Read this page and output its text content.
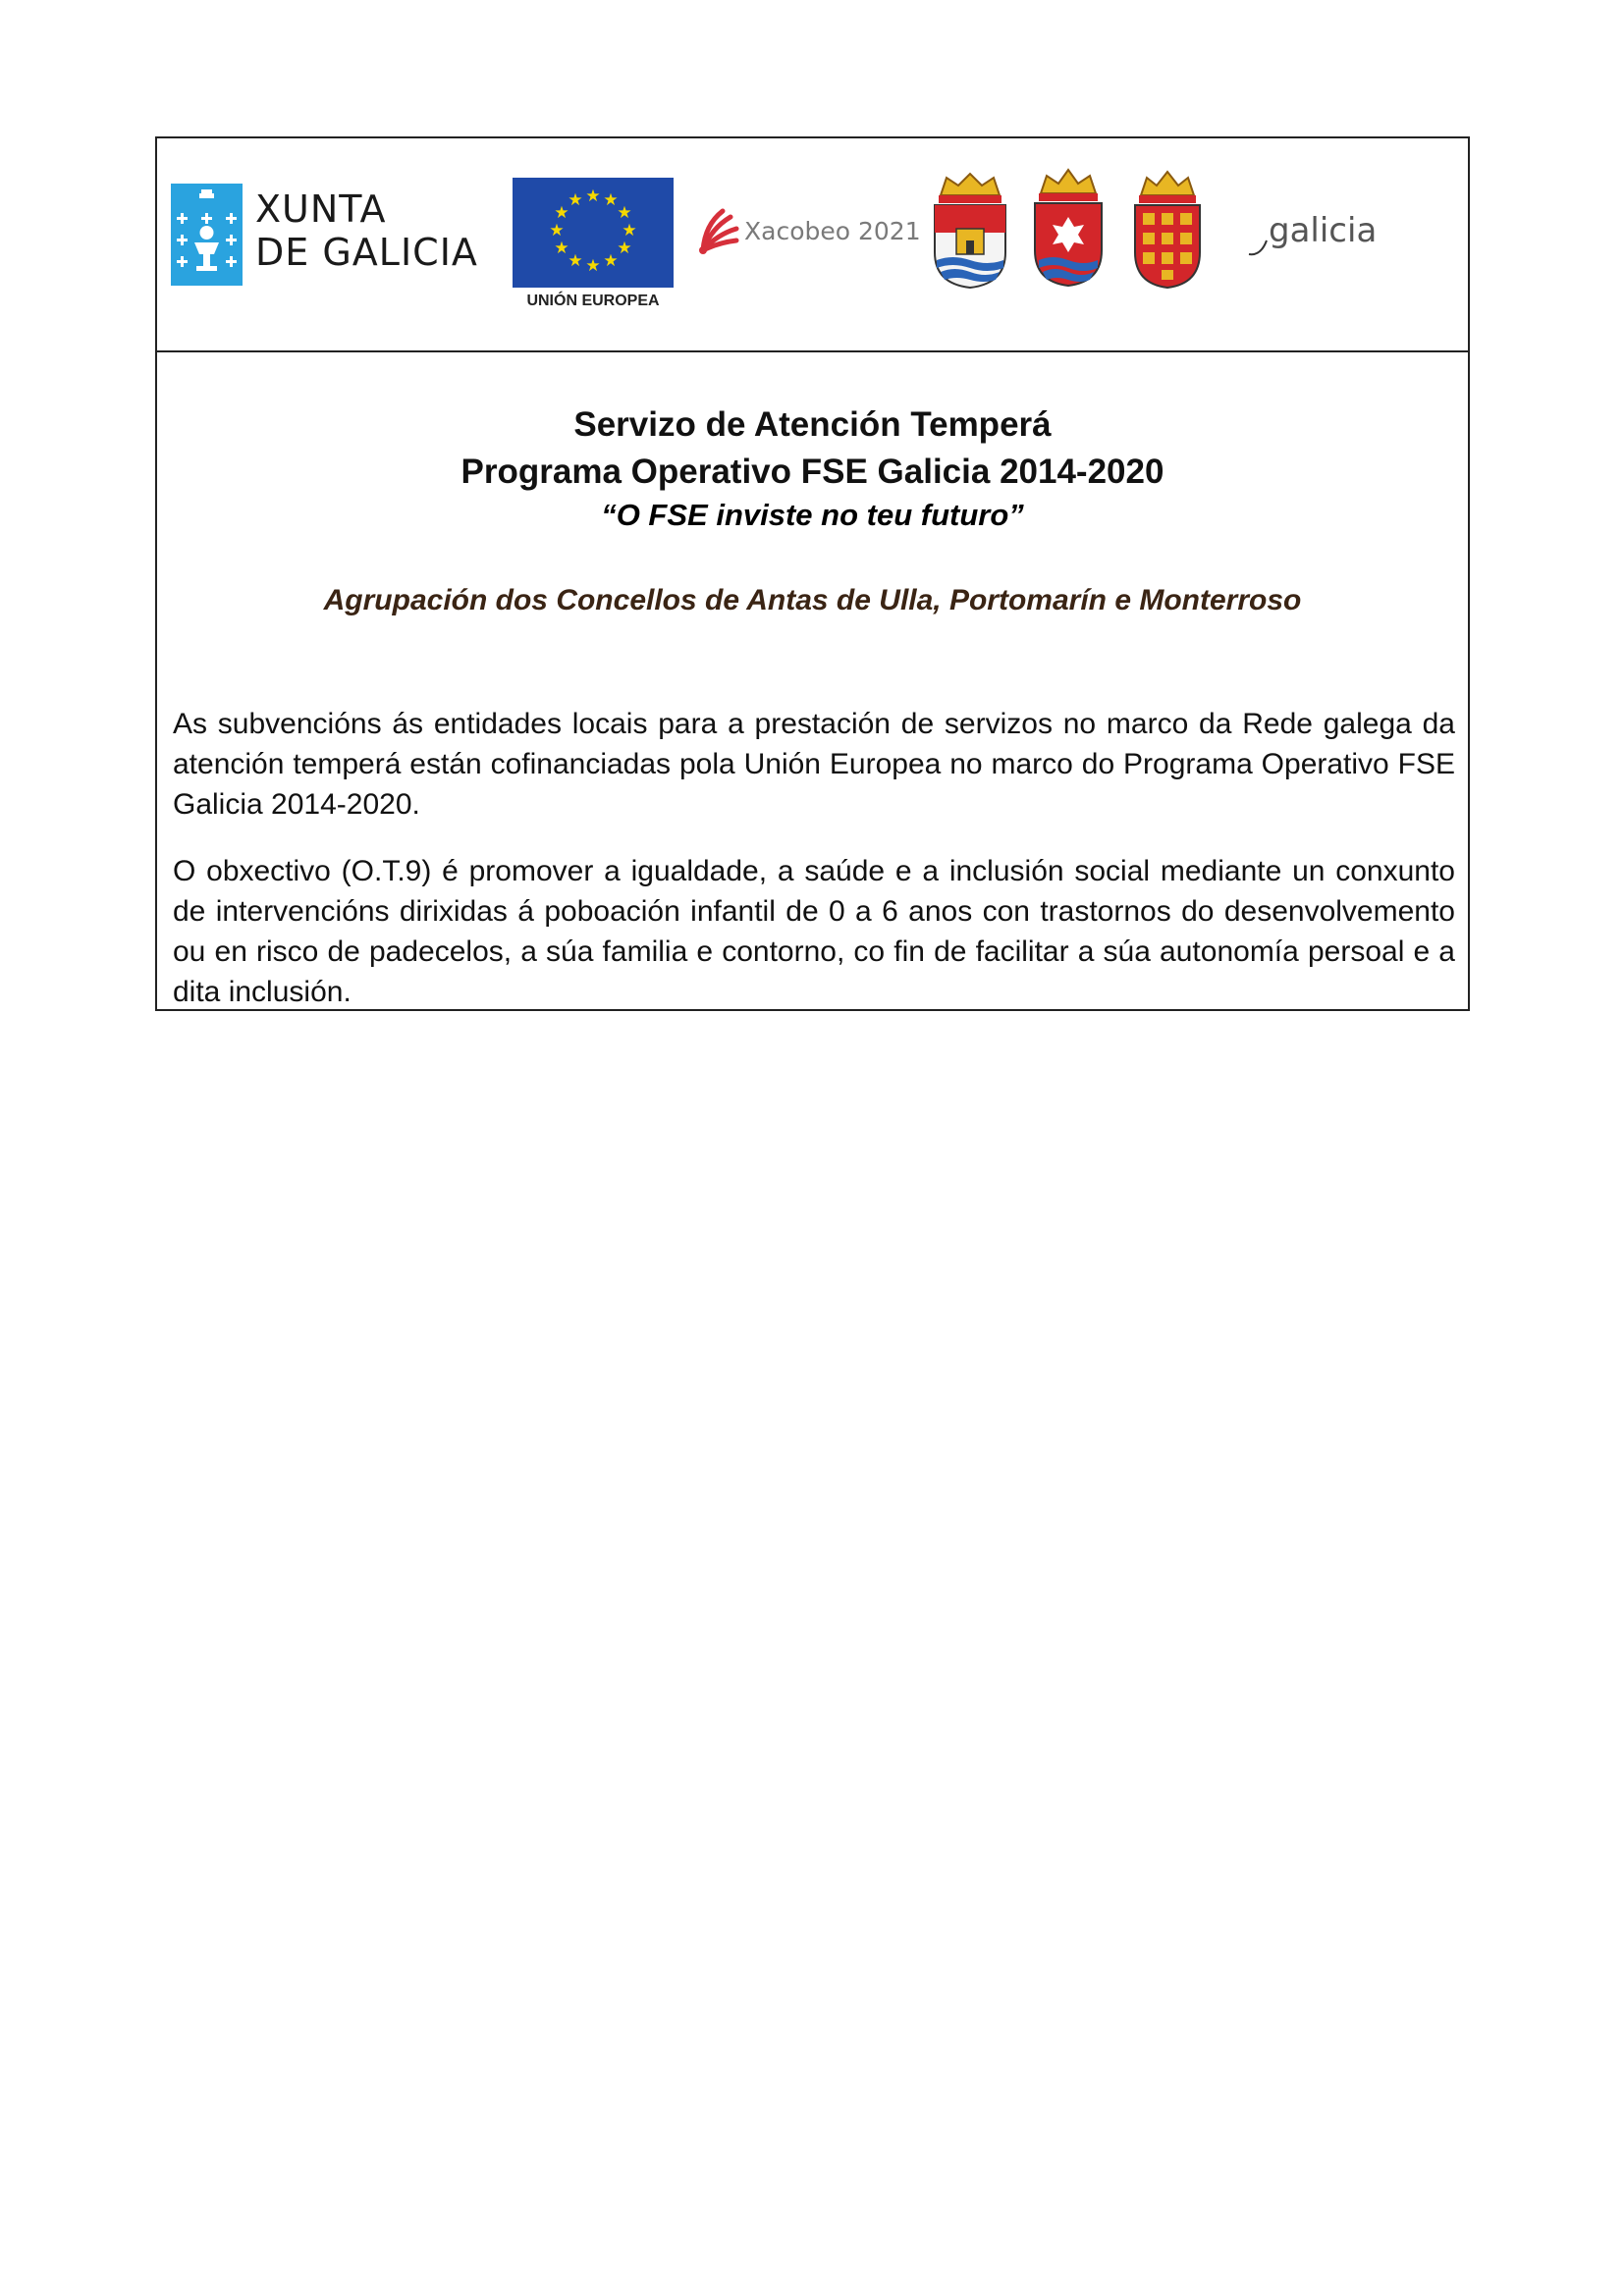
XUNTA
DE GALICIA
★ ★
★
★
★
★
★
★
★
★
★
★
UNIÓN EUROPEA
Xacobeo 2021	galicia
Servizo de Atención Temperá
Programa Operativo FSE Galicia 2014-2020
“O FSE inviste no teu futuro”
Agrupación dos Concellos de Antas de Ulla, Portomarín e Monterroso
As subvencións ás entidades locais para a prestación de servizos no marco da Rede galega da atención temperá están cofinanciadas pola Unión Europea no marco do Programa Operativo FSE Galicia 2014-2020.
O obxectivo (O.T.9) é promover a igualdade, a saúde e a inclusión social mediante un conxunto de intervencións dirixidas á poboación infantil de 0 a 6 anos con trastornos do desenvolvemento ou en risco de padecelos, a súa familia e contorno, co fin de facilitar a súa autonomía persoal e a dita inclusión.
